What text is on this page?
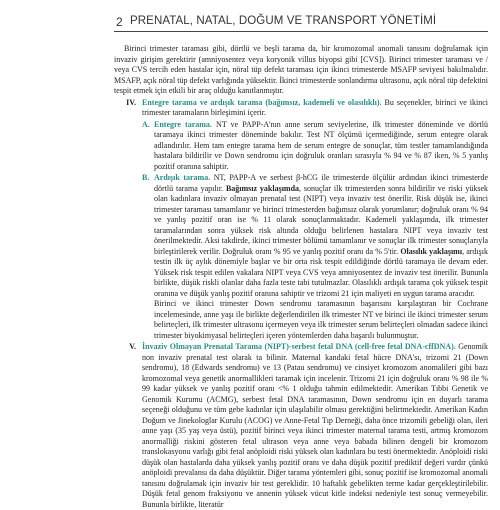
2 PRENATAL, NATAL, DOĞUM VE TRANSPORT YÖNETİMİ

Birinci trimester taraması gibi, dörtlü ve beşli tarama da, bir kromozomal anomali tanısını doğrulamak için invaziv girişim gerektirir (amniyosentez veya koryonik villus biyopsi gibi [CVS]). Birinci trimester taraması ve / veya CVS tercih eden hastalar için, nöral tüp defekt taraması için ikinci trimesterde MSAFP seviyesi bakılmalıdır. MSAFP, açık nöral tüp defekt varlığında yüksektir. İkinci trimesterde sonlandırma ultrasonu, açık nöral tüp defektini tespit etmek için etkili bir araç olduğu kanıtlanmıştır.

IV. Entegre tarama ve ardışık tarama (bağımsız, kademeli ve olasılıklı). Bu seçenekler, birinci ve ikinci trimester taramaların birleşimini içerir.

A. Entegre tarama. NT ve PAPP-A'nın anne serum seviyelerine, ilk trimester döneminde ve dörtlü taramaya ikinci trimester döneminde bakılır. Test NT ölçümü içermediğinde, serum entegre olarak adlandırılır. Hem tam entegre tarama hem de serum entegre de sonuçlar, tüm testler tamamlandığında hastalara bildirilir ve Down sendromu için doğruluk oranları sırasıyla % 94 ve % 87 iken, % 5 yanlış pozitif oranına sahiptir.

B. Ardışık tarama. NT, PAPP-A ve serbest β-hCG ile trimesterde ölçülür ardından ikinci trimesterde dörtlü tarama yapılır. Bağımsız yaklaşımda, sonuçlar ilk trimesterden sonra bildirilir ve riski yüksek olan kadınlara invaziv olmayan prenatal test (NIPT) veya invaziv test önerilir. Risk düşük ise, ikinci trimester taraması tamamlanır ve birinci trimesterden bağımsız olarak yorumlanır; doğruluk oranı % 94 ve yanlış pozitif oran ise % 11 olarak sonuçlanmaktadır. Kademeli yaklaşımda, ilk trimester taramalarından sonra yüksek risk altında olduğu belirlenen hastalara NIPT veya invaziv test önerilmektedir. Aksi takdirde, ikinci trimester bölümü tamamlanır ve sonuçlar ilk trimester sonuçlarıyla birleştirilerek verilir. Doğruluk oranı % 95 ve yanlış pozitif oranı da % 5'tir. Olasılık yaklaşımı, ardışık testin ilk üç aylık dönemiyle başlar ve bir orta risk tespit edildiğinde dörtlü taramaya ile devam eder. Yüksek risk tespit edilen vakalara NIPT veya CVS veya amniyosentez de invaziv test önerilir. Bununla birlikte, düşük riskli olanlar daha fazla teste tabi tutulmazlar. Olasılıklı ardışık tarama çok yüksek tespit oranına ve düşük yanlış pozitif oranına sahiptir ve trizomi 21 için maliyeti en uygun tarama aracıdır.

Birinci ve ikinci trimester Down sendromu taramasının başarısını karşılaştıran bir Cochrane incelemesinde, anne yaşı ile birlikte değerlendirilen ilk trimester NT ve birinci ile ikinci trimester serum belirteçleri, ilk trimester ultrasonu içermeyen veya ilk trimester serum belirteçleri olmadan sadece ikinci trimester biyokimyasal belirteçleri içeren yöntemlerden daha başarılı bulunmuştur.

V. İnvaziv Olmayan Prenatal Tarama (NIPT)-serbest fetal DNA (cell-free fetal DNA-cffDNA). Genomik non invaziv prenatal test olarak ta bilinir. Maternal kandaki fetal hücre DNA'sı, trizomi 21 (Down sendromu), 18 (Edwards sendromu) ve 13 (Patau sendromu) ve cinsiyet kromozom anomalileri gibi bazı kromozomal veya genetik anormallikleri taramak için incelenir. Trizomi 21 için doğruluk oranı % 98 ile % 99 kadar yüksek ve yanlış pozitif oranı <% 1 olduğu tahmin edilmektedir. Amerikan Tıbbi Genetik ve Genomik Kurumu (ACMG), serbest fetal DNA taramasının, Down sendromu için en duyarlı tarama seçeneği olduğunu ve tüm gebe kadınlar için ulaşılabilir olması gerektiğini belirtmektedir. Amerikan Kadın Doğum ve Jinekologlar Kurulu (ACOG) ve Anne-Fetal Tıp Derneği, daha önce trizomili gebeliği olan, ileri anne yaşı (35 yaş veya üstü), pozitif birinci veya ikinci trimester maternal tarama testi, artmış kromozom anormalliği riskini gösteren fetal ultrason veya anne veya babada bilinen dengeli bir kromozom translokasyonu varlığı gibi fetal anöploidi riski yüksek olan kadınlara bu testi önermektedir. Anöploidi riski düşük olan hastalarda daha yüksek yanlış pozitif oranı ve daha düşük pozitif prediktif değeri vardır çünkü anöploidi prevalansı da daha düşüktür. Diğer tarama yöntemleri gibi, sonuç pozitif ise kromozomal anomali tanısını doğrulamak için invaziv bir test gereklidir. 10 haftalık gebelikten terme kadar gerçekleştirilebilir. Düşük fetal genom fraksiyonu ve annenin yüksek vücut kitle indeksi nedeniyle test sonuç vermeyebilir. Bununla birlikte, literatür
